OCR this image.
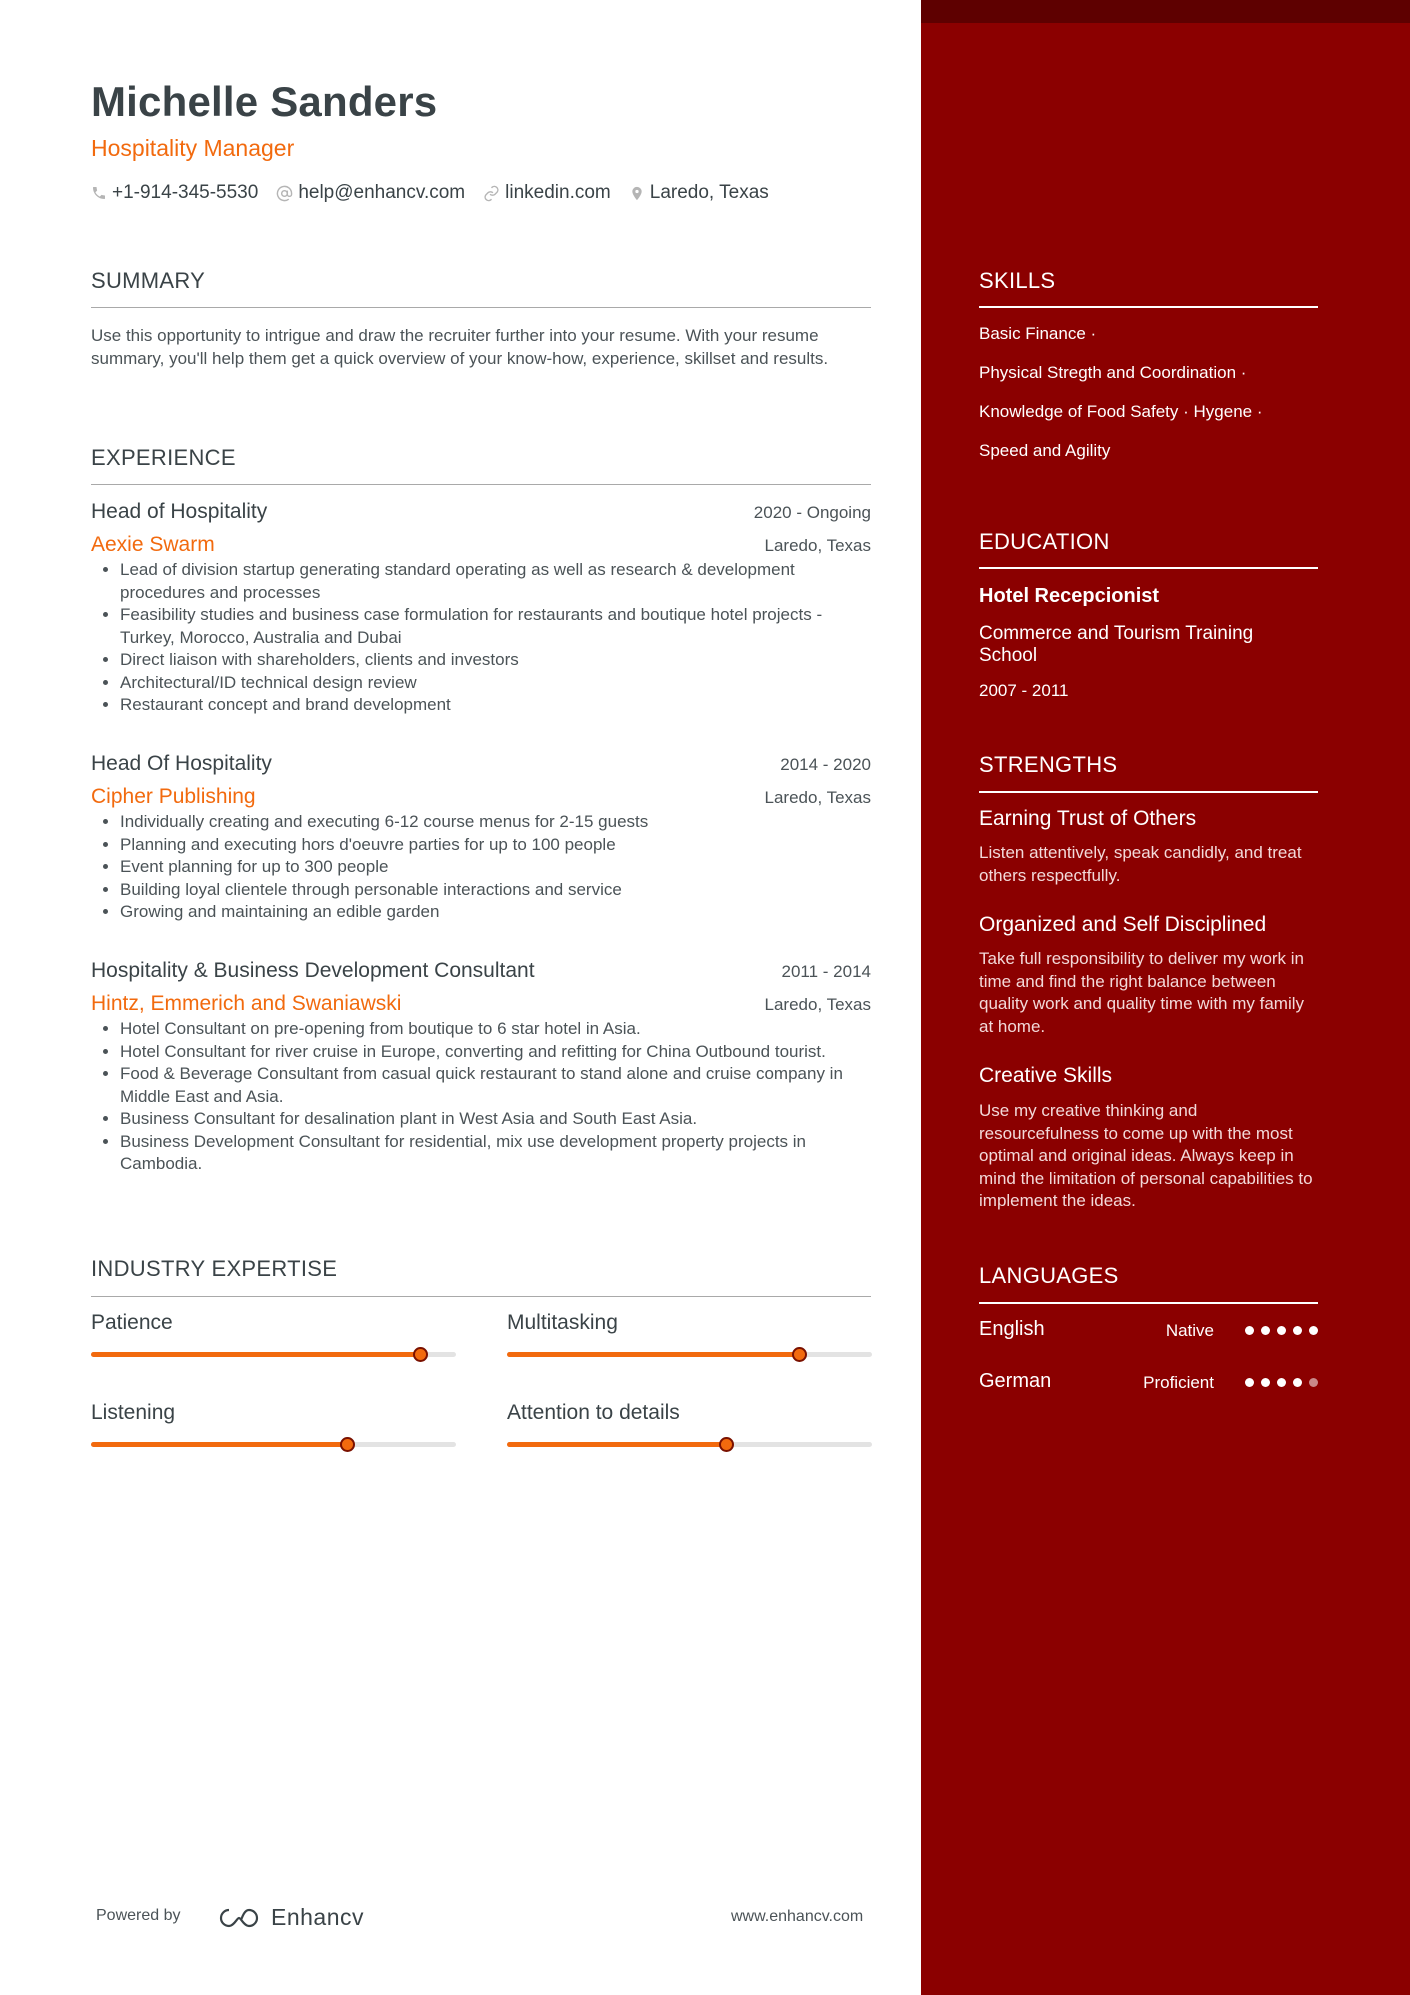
Michelle Sanders
Hospitality Manager
+1-914-345-5530 help@enhancv.com linkedin.com Laredo, Texas
SUMMARY
Use this opportunity to intrigue and draw the recruiter further into your resume. With your resume summary, you'll help them get a quick overview of your know-how, experience, skillset and results.
EXPERIENCE
Head of Hospitality	2020 - Ongoing
Aexie Swarm	Laredo, Texas
• Lead of division startup generating standard operating as well as research & development procedures and processes
• Feasibility studies and business case formulation for restaurants and boutique hotel projects - Turkey, Morocco, Australia and Dubai
• Direct liaison with shareholders, clients and investors
• Architectural/ID technical design review
• Restaurant concept and brand development
Head Of Hospitality	2014 - 2020
Cipher Publishing	Laredo, Texas
• Individually creating and executing 6-12 course menus for 2-15 guests
• Planning and executing hors d'oeuvre parties for up to 100 people
• Event planning for up to 300 people
• Building loyal clientele through personable interactions and service
• Growing and maintaining an edible garden
Hospitality & Business Development Consultant	2011 - 2014
Hintz, Emmerich and Swaniawski	Laredo, Texas
• Hotel Consultant on pre-opening from boutique to 6 star hotel in Asia.
• Hotel Consultant for river cruise in Europe, converting and refitting for China Outbound tourist.
• Food & Beverage Consultant from casual quick restaurant to stand alone and cruise company in Middle East and Asia.
• Business Consultant for desalination plant in West Asia and South East Asia.
• Business Development Consultant for residential, mix use development property projects in Cambodia.
INDUSTRY EXPERTISE
Patience	Multitasking
Listening	Attention to details
Powered by	Enhancv	www.enhancv.com
SKILLS
Basic Finance ·
Physical Stregth and Coordination ·
Knowledge of Food Safety · Hygene ·
Speed and Agility
EDUCATION
Hotel Recepcionist
Commerce and Tourism Training School
2007 - 2011
STRENGTHS
Earning Trust of Others
Listen attentively, speak candidly, and treat others respectfully.
Organized and Self Disciplined
Take full responsibility to deliver my work in time and find the right balance between quality work and quality time with my family at home.
Creative Skills
Use my creative thinking and resourcefulness to come up with the most optimal and original ideas. Always keep in mind the limitation of personal capabilities to implement the ideas.
LANGUAGES
English	Native
German	Proficient
